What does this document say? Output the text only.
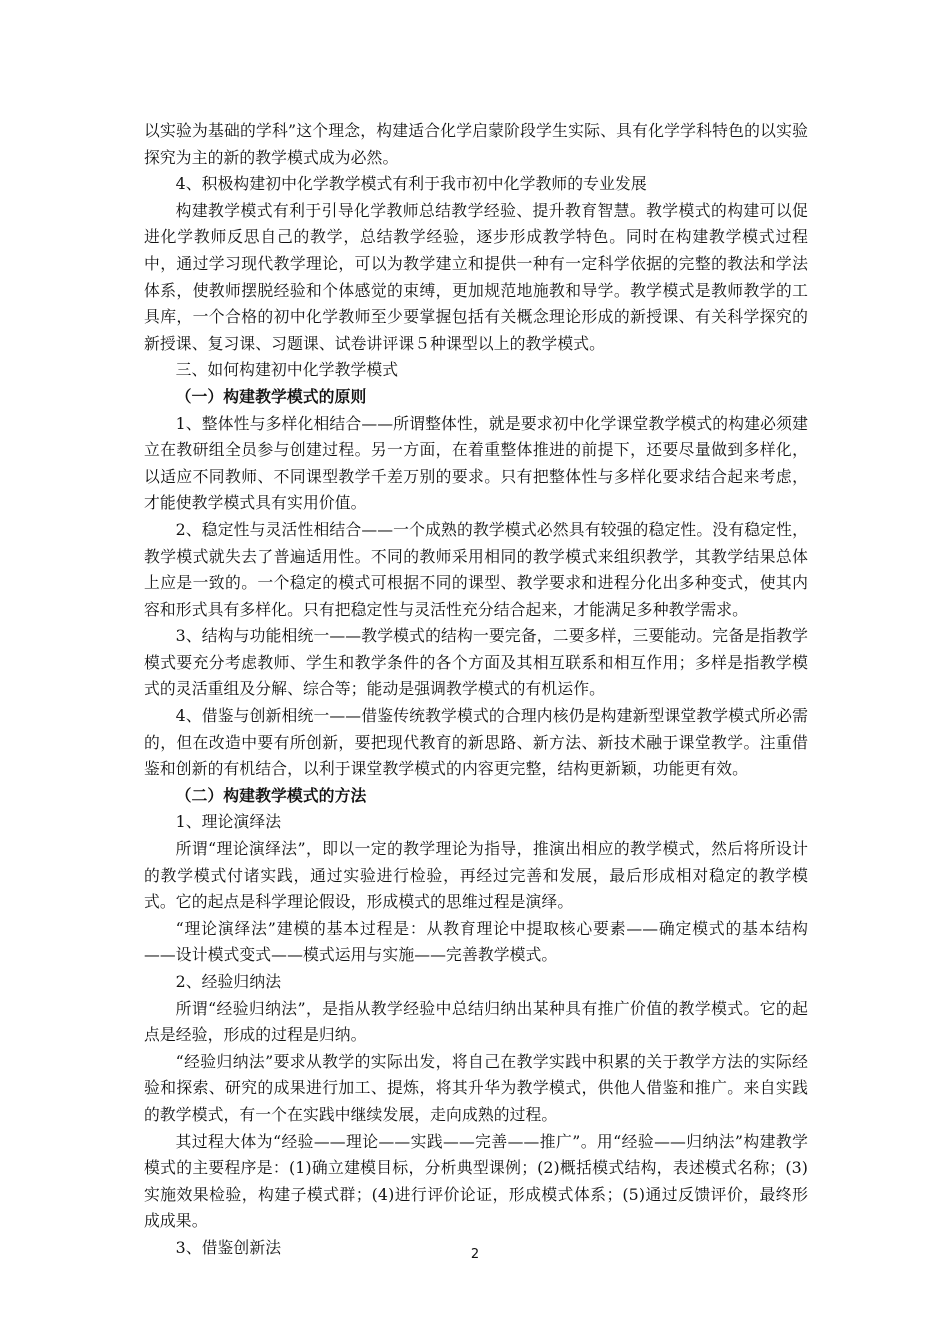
以实验为基础的学科”这个理念，构建适合化学启蒙阶段学生实际、具有化学学科特色的以实验探究为主的新的教学模式成为必然。

4、积极构建初中化学教学模式有利于我市初中化学教师的专业发展

构建教学模式有利于引导化学教师总结教学经验、提升教育智慧。教学模式的构建可以促进化学教师反思自己的教学，总结教学经验，逐步形成教学特色。同时在构建教学模式过程中，通过学习现代教学理论，可以为教学建立和提供一种有一定科学依据的完整的教法和学法体系，使教师摆脱经验和个体感觉的束缚，更加规范地施教和导学。教学模式是教师教学的工具库，一个合格的初中化学教师至少要掌握包括有关概念理论形成的新授课、有关科学探究的新授课、复习课、习题课、试卷讲评课５种课型以上的教学模式。

三、如何构建初中化学教学模式

（一）构建教学模式的原则

1、整体性与多样化相结合——所谓整体性，就是要求初中化学课堂教学模式的构建必须建立在教研组全员参与创建过程。另一方面，在着重整体推进的前提下，还要尽量做到多样化，以适应不同教师、不同课型教学千差万别的要求。只有把整体性与多样化要求结合起来考虑，才能使教学模式具有实用价值。

2、稳定性与灵活性相结合——一个成熟的教学模式必然具有较强的稳定性。没有稳定性，教学模式就失去了普遍适用性。不同的教师采用相同的教学模式来组织教学，其教学结果总体上应是一致的。一个稳定的模式可根据不同的课型、教学要求和进程分化出多种变式，使其内容和形式具有多样化。只有把稳定性与灵活性充分结合起来，才能满足多种教学需求。

3、结构与功能相统一——教学模式的结构一要完备，二要多样，三要能动。完备是指教学模式要充分考虑教师、学生和教学条件的各个方面及其相互联系和相互作用；多样是指教学模式的灵活重组及分解、综合等；能动是强调教学模式的有机运作。

4、借鉴与创新相统一——借鉴传统教学模式的合理内核仍是构建新型课堂教学模式所必需的，但在改造中要有所创新，要把现代教育的新思路、新方法、新技术融于课堂教学。注重借鉴和创新的有机结合，以利于课堂教学模式的内容更完整，结构更新颖，功能更有效。

（二）构建教学模式的方法

1、理论演绎法

所谓“理论演绎法”，即以一定的教学理论为指导，推演出相应的教学模式，然后将所设计的教学模式付诸实践，通过实验进行检验，再经过完善和发展，最后形成相对稳定的教学模式。它的起点是科学理论假设，形成模式的思维过程是演绎。

“理论演绎法”建模的基本过程是：从教育理论中提取核心要素——确定模式的基本结构——设计模式变式——模式运用与实施——完善教学模式。

2、经验归纳法

所谓“经验归纳法”，是指从教学经验中总结归纳出某种具有推广价值的教学模式。它的起点是经验，形成的过程是归纳。

“经验归纳法”要求从教学的实际出发，将自己在教学实践中积累的关于教学方法的实际经验和探索、研究的成果进行加工、提炼，将其升华为教学模式，供他人借鉴和推广。来自实践的教学模式，有一个在实践中继续发展，走向成熟的过程。

其过程大体为“经验——理论——实践——完善——推广”。用“经验——归纳法”构建教学模式的主要程序是：(1)确立建模目标，分析典型课例；(2)概括模式结构，表述模式名称；(3)实施效果检验，构建子模式群；(4)进行评价论证，形成模式体系；(5)通过反馈评价，最终形成成果。

3、借鉴创新法	2
